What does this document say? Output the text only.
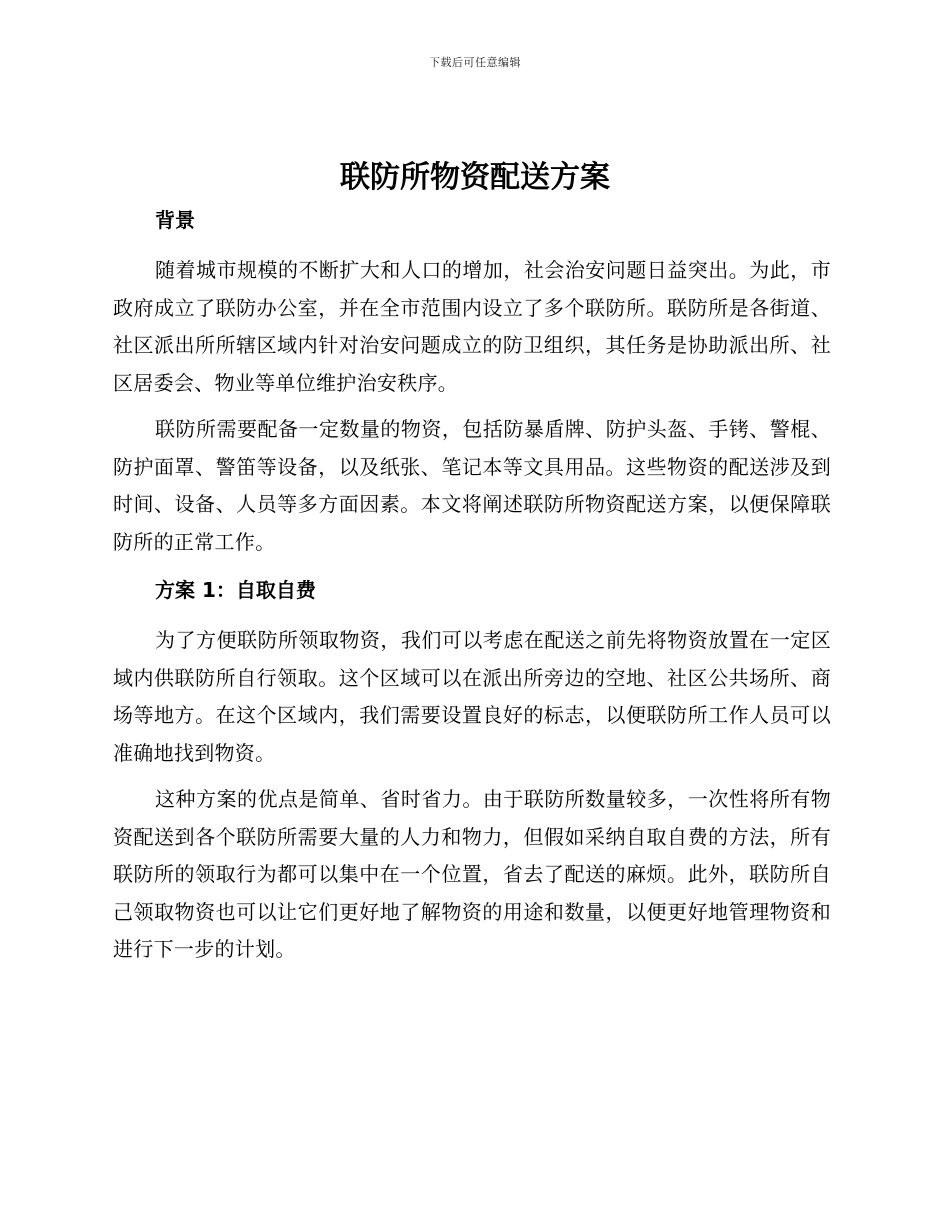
下载后可任意编辑
联防所物资配送方案
背景

随着城市规模的不断扩大和人口的增加，社会治安问题日益突出。为此，市政府成立了联防办公室，并在全市范围内设立了多个联防所。联防所是各街道、社区派出所所辖区域内针对治安问题成立的防卫组织，其任务是协助派出所、社区居委会、物业等单位维护治安秩序。

联防所需要配备一定数量的物资，包括防暴盾牌、防护头盔、手铐、警棍、防护面罩、警笛等设备，以及纸张、笔记本等文具用品。这些物资的配送涉及到时间、设备、人员等多方面因素。本文将阐述联防所物资配送方案，以便保障联防所的正常工作。

方案 1：自取自费

为了方便联防所领取物资，我们可以考虑在配送之前先将物资放置在一定区域内供联防所自行领取。这个区域可以在派出所旁边的空地、社区公共场所、商场等地方。在这个区域内，我们需要设置良好的标志，以便联防所工作人员可以准确地找到物资。

这种方案的优点是简单、省时省力。由于联防所数量较多，一次性将所有物资配送到各个联防所需要大量的人力和物力，但假如采纳自取自费的方法，所有联防所的领取行为都可以集中在一个位置，省去了配送的麻烦。此外，联防所自己领取物资也可以让它们更好地了解物资的用途和数量，以便更好地管理物资和进行下一步的计划。
